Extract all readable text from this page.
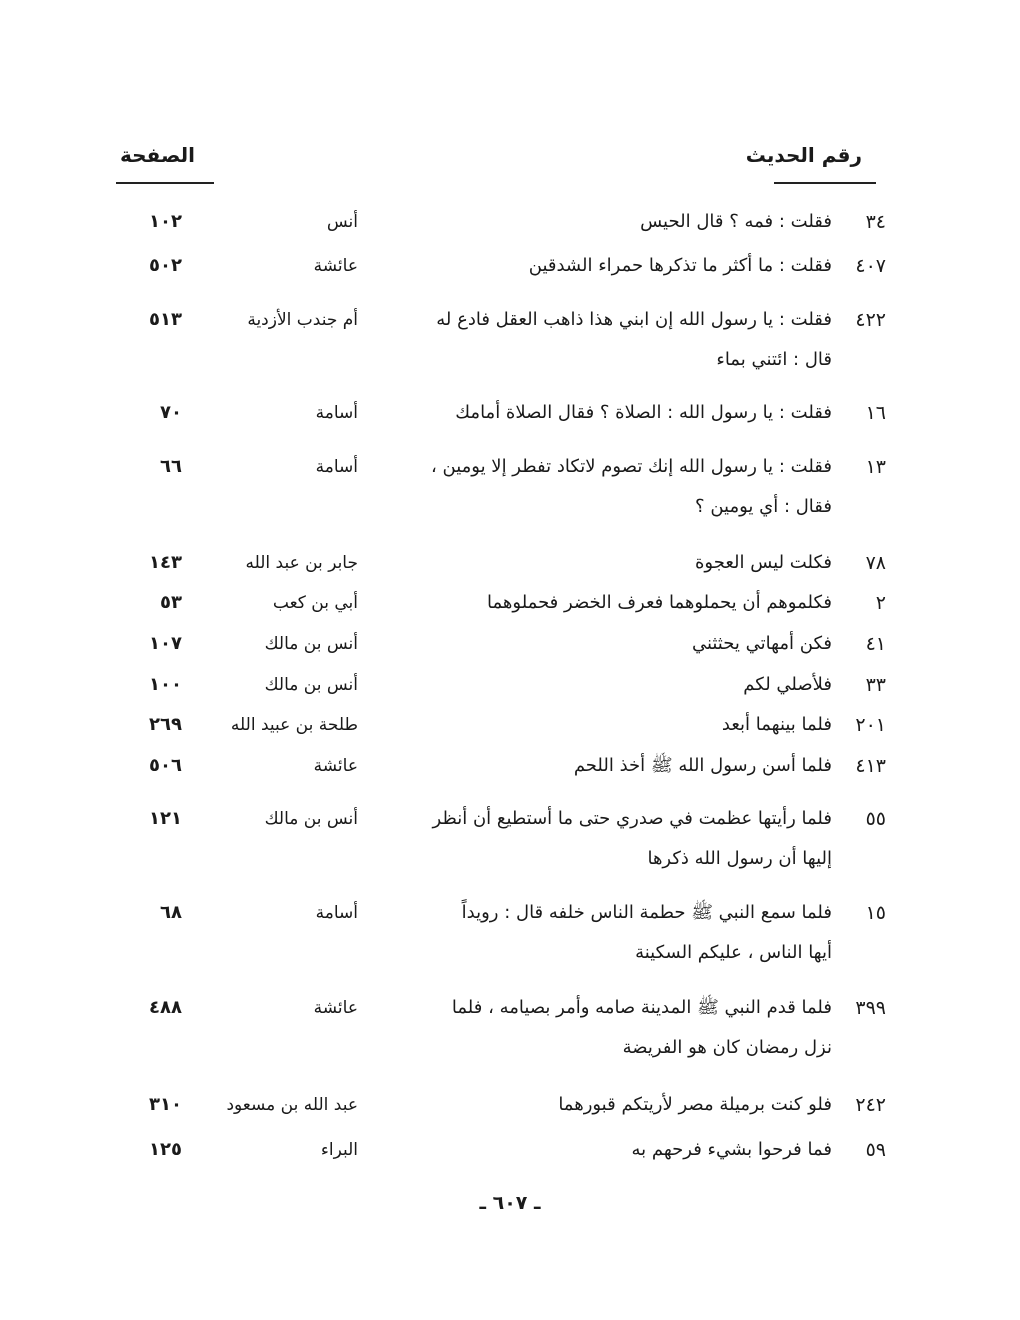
رقم الحديث
الصفحة
٣٤
فقلت : فمه ؟ قال الحيس
أنس
١٠٢
٤٠٧
فقلت : ما أكثر ما تذكرها حمراء الشدقين
عائشة
٥٠٢
٤٢٢
فقلت : يا رسول الله إن ابني هذا ذاهب العقل فادع له
قال : ائتني بماء
أم جندب الأزدية
٥١٣
١٦
فقلت : يا رسول الله : الصلاة ؟ فقال الصلاة أمامك
أسامة
٧٠
١٣
فقلت : يا رسول الله إنك تصوم لاتكاد تفطر إلا يومين ،
فقال : أي يومين ؟
أسامة
٦٦
٧٨
فكلت ليس العجوة
جابر بن عبد الله
١٤٣
٢
فكلموهم أن يحملوهما فعرف الخضر فحملوهما
أبي بن كعب
٥٣
٤١
فكن أمهاتي يحثثني
أنس بن مالك
١٠٧
٣٣
فلأصلي لكم
أنس بن مالك
١٠٠
٢٠١
فلما بينهما أبعد
طلحة بن عبيد الله
٢٦٩
٤١٣
فلما أسن رسول الله ﷺ أخذ اللحم
عائشة
٥٠٦
٥٥
فلما رأيتها عظمت في صدري حتى ما أستطيع أن أنظر
إليها أن رسول الله ذكرها
أنس بن مالك
١٢١
١٥
فلما سمع النبي ﷺ حطمة الناس خلفه قال : رويداً
أيها الناس ، عليكم السكينة
أسامة
٦٨
٣٩٩
فلما قدم النبي ﷺ المدينة صامه وأمر بصيامه ، فلما
نزل رمضان كان هو الفريضة
عائشة
٤٨٨
٢٤٢
فلو كنت برميلة مصر لأريتكم قبورهما
عبد الله بن مسعود
٣١٠
٥٩
فما فرحوا بشيء فرحهم به
البراء
١٢٥
ـ ٦٠٧ ـ
